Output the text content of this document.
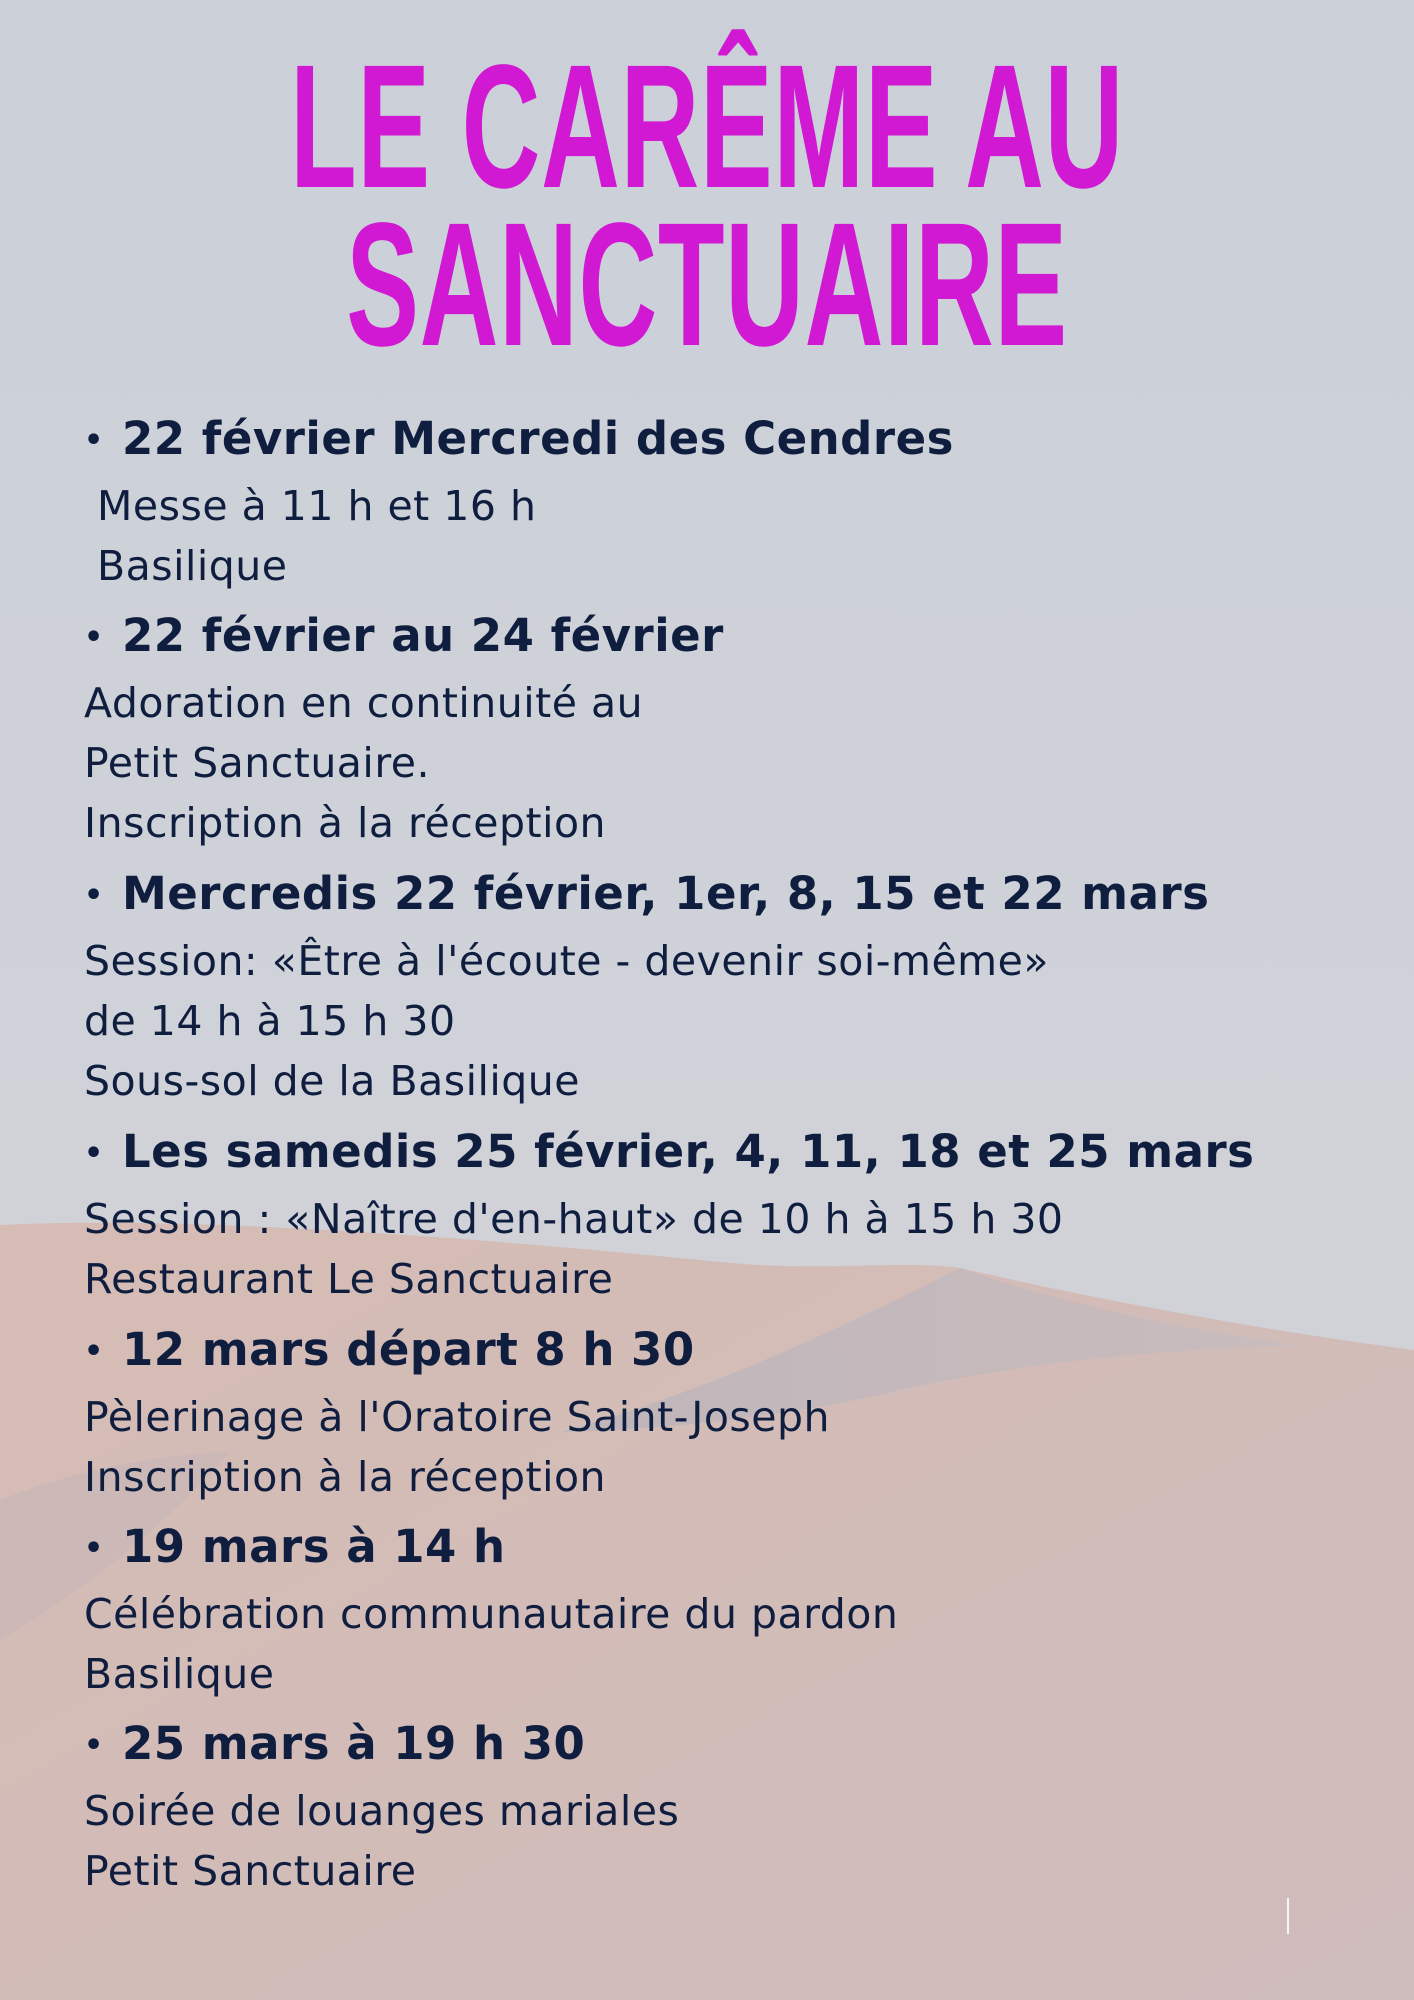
LE CARÊME AU
SANCTUAIRE
• 22 février Mercredi des Cendres
Messe à 11 h et 16 h
Basilique
• 22 février au 24 février
Adoration en continuité au
Petit Sanctuaire.
Inscription à la réception
• Mercredis 22 février, 1er, 8, 15 et 22 mars
Session: «Être à l'écoute - devenir soi-même»
de 14 h à 15 h 30
Sous-sol de la Basilique
• Les samedis 25 février, 4, 11, 18 et 25 mars
Session : «Naître d'en-haut» de 10 h à 15 h 30
Restaurant Le Sanctuaire
• 12 mars départ 8 h 30
Pèlerinage à l'Oratoire Saint-Joseph
Inscription à la réception
• 19 mars à 14 h
Célébration communautaire du pardon
Basilique
• 25 mars à 19 h 30
Soirée de louanges mariales
Petit Sanctuaire
